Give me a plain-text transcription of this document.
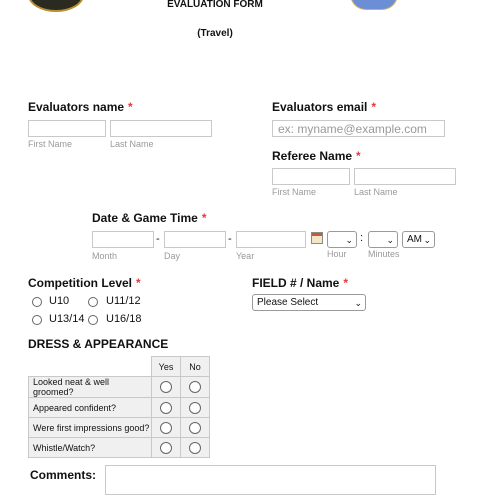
EVALUATION FORM
(Travel)
Evaluators name *
First Name	Last Name
Evaluators email *
ex: myname@example.com
Referee Name *
First Name	Last Name
Date & Game Time *
-	-	⌄ :	⌄ AM ⌄
Month	Day	Year	Hour Minutes
Competition Level *
U10	U11/12
U13/14 U16/18
FIELD # / Name *
Please Select	⌄
DRESS & APPEARANCE
	Yes	No
Looked neat & well groomed?		
Appeared confident?		
Were first impressions good?		
Whistle/Watch?		
Comments:
